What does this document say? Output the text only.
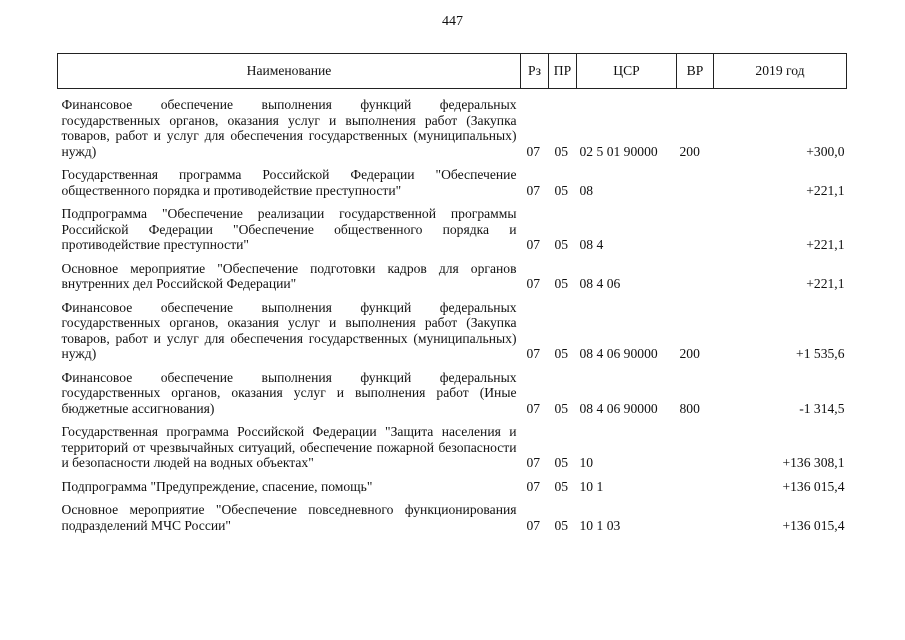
447
Наименование	Рз	ПР	ЦСР	ВР	2019 год

Финансовое обеспечение выполнения функций федеральных государственных органов, оказания услуг и выполнения работ (Закупка товаров, работ и услуг для обеспечения государственных (муниципальных) нужд)	07	05	02 5 01 90000	200	+300,0

Государственная программа Российской Федерации "Обеспечение общественного порядка и противодействие преступности"	07	05	08		+221,1

Подпрограмма "Обеспечение реализации государственной программы Российской Федерации "Обеспечение общественного порядка и противодействие преступности"	07	05	08 4		+221,1

Основное мероприятие "Обеспечение подготовки кадров для органов внутренних дел Российской Федерации"	07	05	08 4 06		+221,1

Финансовое обеспечение выполнения функций федеральных государственных органов, оказания услуг и выполнения работ (Закупка товаров, работ и услуг для обеспечения государственных (муниципальных) нужд)	07	05	08 4 06 90000	200	+1 535,6

Финансовое обеспечение выполнения функций федеральных государственных органов, оказания услуг и выполнения работ (Иные бюджетные ассигнования)	07	05	08 4 06 90000	800	-1 314,5

Государственная программа Российской Федерации "Защита населения и территорий от чрезвычайных ситуаций, обеспечение пожарной безопасности и безопасности людей на водных объектах"	07	05	10		+136 308,1

Подпрограмма "Предупреждение, спасение, помощь"	07	05	10 1		+136 015,4

Основное мероприятие "Обеспечение повседневного функционирования подразделений МЧС России"	07	05	10 1 03		+136 015,4
